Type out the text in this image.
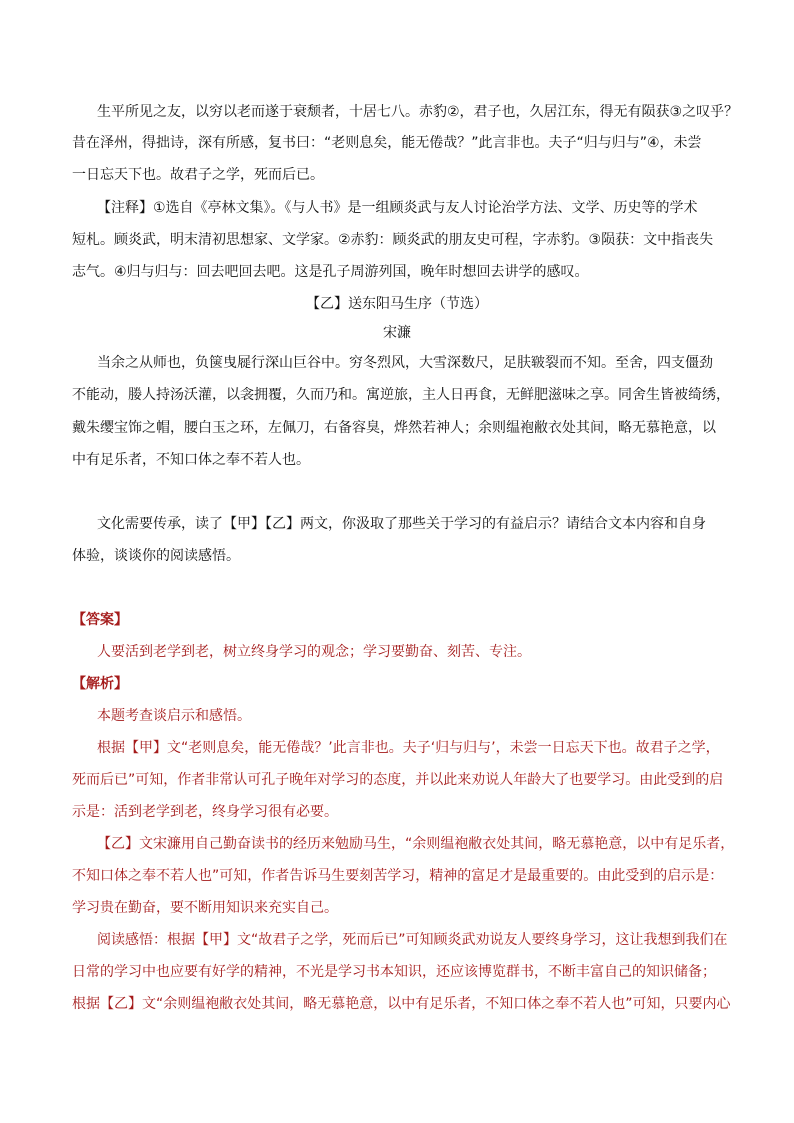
生平所见之友，以穷以老而遂于衰颓者，十居七八。赤豹②，君子也，久居江东，得无有陨获③之叹乎？
昔在泽州，得拙诗，深有所感，复书曰：“老则息矣，能无倦哉？”此言非也。夫子“归与归与”④，未尝
一日忘天下也。故君子之学，死而后已。
【注释】①选自《亭林文集》。《与人书》是一组顾炎武与友人讨论治学方法、文学、历史等的学术
短札。顾炎武，明末清初思想家、文学家。②赤豹：顾炎武的朋友史可程，字赤豹。③陨获：文中指丧失
志气。④归与归与：回去吧回去吧。这是孔子周游列国，晚年时想回去讲学的感叹。
【乙】送东阳马生序（节选）
宋濂
当余之从师也，负箧曳屣行深山巨谷中。穷冬烈风，大雪深数尺，足肤皲裂而不知。至舍，四支僵劲
不能动，媵人持汤沃灌，以衾拥覆，久而乃和。寓逆旅，主人日再食，无鲜肥滋味之享。同舍生皆被绮绣，
戴朱缨宝饰之帽，腰白玉之环，左佩刀，右备容臭，烨然若神人；余则缊袍敝衣处其间，略无慕艳意，以
中有足乐者，不知口体之奉不若人也。
文化需要传承，读了【甲】【乙】两文，你汲取了那些关于学习的有益启示？请结合文本内容和自身
体验，谈谈你的阅读感悟。
【答案】
人要活到老学到老，树立终身学习的观念；学习要勤奋、刻苦、专注。
【解析】
本题考查谈启示和感悟。
根据【甲】文“老则息矣，能无倦哉？’此言非也。夫子‘归与归与’，未尝一日忘天下也。故君子之学，
死而后已”可知，作者非常认可孔子晚年对学习的态度，并以此来劝说人年龄大了也要学习。由此受到的启
示是：活到老学到老，终身学习很有必要。
【乙】文宋濂用自己勤奋读书的经历来勉励马生，“余则缊袍敝衣处其间，略无慕艳意，以中有足乐者，
不知口体之奉不若人也”可知，作者告诉马生要刻苦学习，精神的富足才是最重要的。由此受到的启示是：
学习贵在勤奋，要不断用知识来充实自己。
阅读感悟：根据【甲】文“故君子之学，死而后已”可知顾炎武劝说友人要终身学习，这让我想到我们在
日常的学习中也应要有好学的精神，不光是学习书本知识，还应该博览群书，不断丰富自己的知识储备；
根据【乙】文“余则缊袍敝衣处其间，略无慕艳意，以中有足乐者，不知口体之奉不若人也”可知，只要内心
